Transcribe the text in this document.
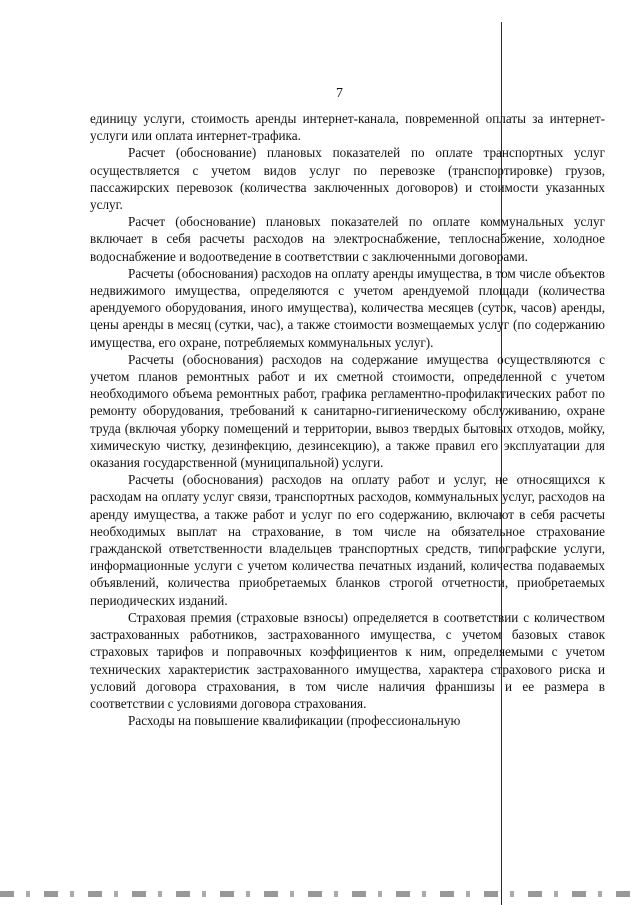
7

единицу услуги, стоимость аренды интернет-канала, повременной оплаты за интернет-услуги или оплата интернет-трафика.

Расчет (обоснование) плановых показателей по оплате транспортных услуг осуществляется с учетом видов услуг по перевозке (транспортировке) грузов, пассажирских перевозок (количества заключенных договоров) и стоимости указанных услуг.

Расчет (обоснование) плановых показателей по оплате коммунальных услуг включает в себя расчеты расходов на электроснабжение, теплоснабжение, холодное водоснабжение и водоотведение в соответствии с заключенными договорами.

Расчеты (обоснования) расходов на оплату аренды имущества, в том числе объектов недвижимого имущества, определяются с учетом арендуемой площади (количества арендуемого оборудования, иного имущества), количества месяцев (суток, часов) аренды, цены аренды в месяц (сутки, час), а также стоимости возмещаемых услуг (по содержанию имущества, его охране, потребляемых коммунальных услуг).

Расчеты (обоснования) расходов на содержание имущества осуществляются с учетом планов ремонтных работ и их сметной стоимости, определенной с учетом необходимого объема ремонтных работ, графика регламентно-профилактических работ по ремонту оборудования, требований к санитарно-гигиеническому обслуживанию, охране труда (включая уборку помещений и территории, вывоз твердых бытовых отходов, мойку, химическую чистку, дезинфекцию, дезинсекцию), а также правил его эксплуатации для оказания государственной (муниципальной) услуги.

Расчеты (обоснования) расходов на оплату работ и услуг, не относящихся к расходам на оплату услуг связи, транспортных расходов, коммунальных услуг, расходов на аренду имущества, а также работ и услуг по его содержанию, включают в себя расчеты необходимых выплат на страхование, в том числе на обязательное страхование гражданской ответственности владельцев транспортных средств, типографские услуги, информационные услуги с учетом количества печатных изданий, количества подаваемых объявлений, количества приобретаемых бланков строгой отчетности, приобретаемых периодических изданий.

Страховая премия (страховые взносы) определяется в соответствии с количеством застрахованных работников, застрахованного имущества, с учетом базовых ставок страховых тарифов и поправочных коэффициентов к ним, определяемыми с учетом технических характеристик застрахованного имущества, характера страхового риска и условий договора страхования, в том числе наличия франшизы и ее размера в соответствии с условиями договора страхования.

Расходы на повышение квалификации (профессиональную
